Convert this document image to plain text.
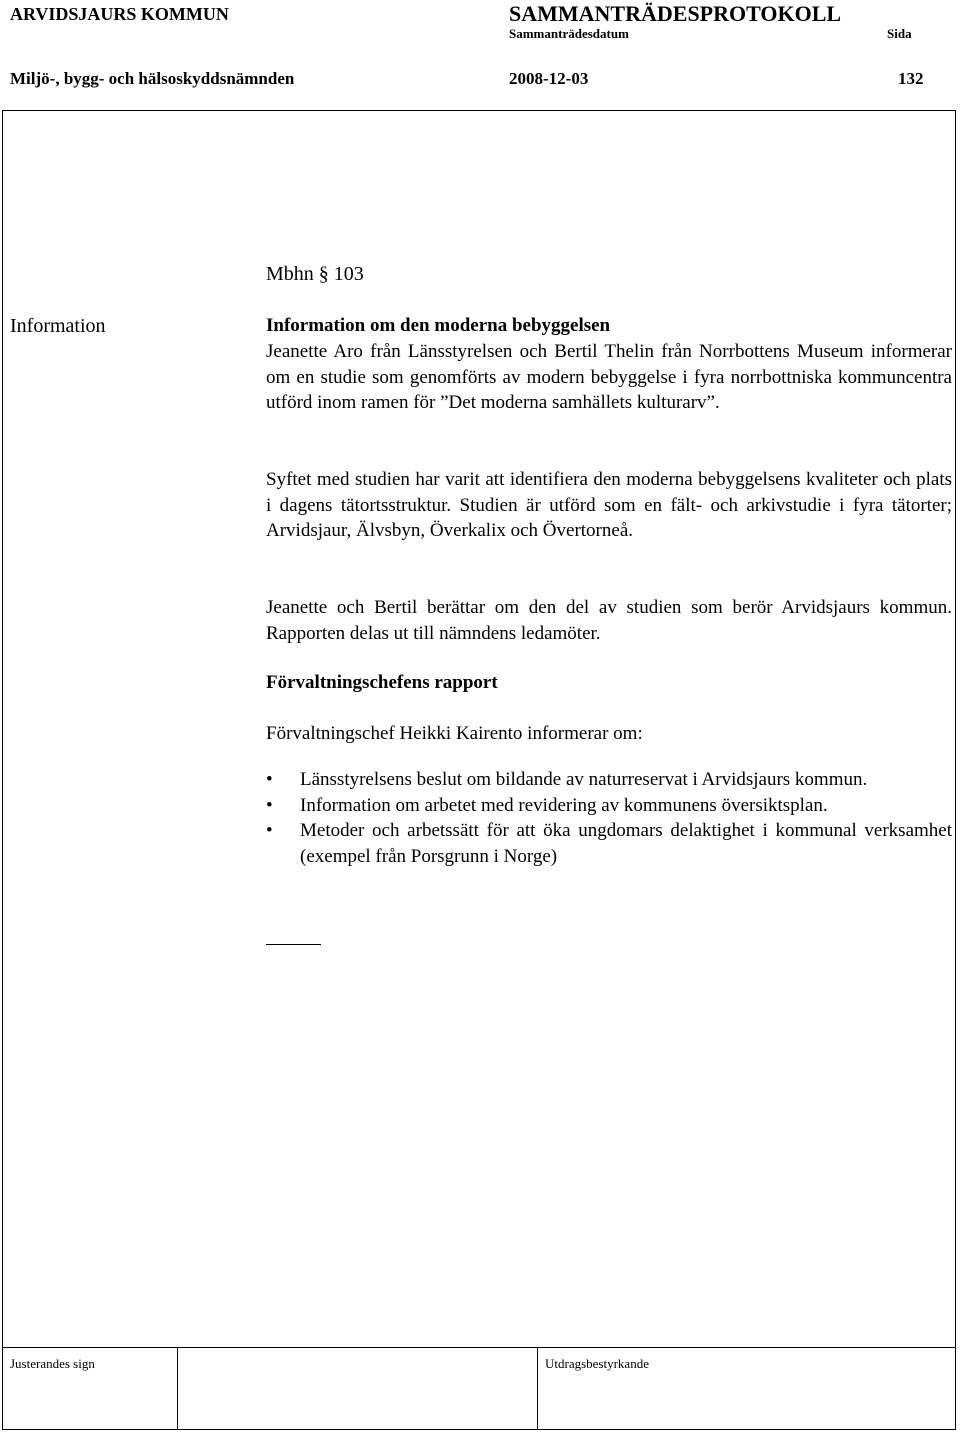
ARVIDSJAURS KOMMUN	SAMMANTRÄDESPROTOKOLL
Sammanträdesdatum	Sida
Miljö-, bygg- och hälsoskyddsnämnden	2008-12-03	132
Mbhn § 103
Information	Information om den moderna bebyggelsen

Jeanette Aro från Länsstyrelsen och Bertil Thelin från Norrbottens Museum informerar om en studie som genomförts av modern bebyggelse i fyra norrbottniska kommuncentra utförd inom ramen för ”Det moderna samhällets kulturarv”.

Syftet med studien har varit att identifiera den moderna bebyggelsens kvaliteter och plats i dagens tätortsstruktur. Studien är utförd som en fält- och arkivstudie i fyra tätorter; Arvidsjaur, Älvsbyn, Överkalix och Övertorneå.

Jeanette och Bertil berättar om den del av studien som berör Arvidsjaurs kommun. Rapporten delas ut till nämndens ledamöter.

Förvaltningschefens rapport
Förvaltningschef Heikki Kairento informerar om:
•	Länsstyrelsens beslut om bildande av naturreservat i Arvidsjaurs kommun.
•	Information om arbetet med revidering av kommunens översiktsplan.
•	Metoder och arbetssätt för att öka ungdomars delaktighet i kommunal verksamhet (exempel från Porsgrunn i Norge)
Justerandes sign	Utdragsbestyrkande
